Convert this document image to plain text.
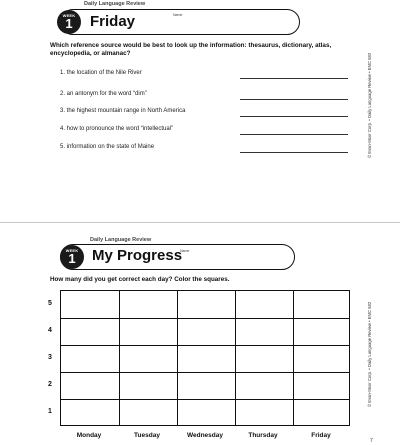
Daily Language Review
WEEK
1	Friday	Name
Which reference source would be best to look up the information: thesaurus, dictionary, atlas, encyclopedia, or almanac?
1. the location of the Nile River
2. an antonym for the word “dim”
3. the highest mountain range in North America
4. how to pronounce the word “intellectual”
5. information on the state of Maine	© Evan-Moor Corp. • Daily Language Review • EMC 582
Daily Language Review
WEEK
1	My Progress
Name
© Evan-Moor Corp. • Daily Language Review • EMC 582
How many did you get correct each day? Color the squares.
5
4
3
2
1
Monday	Tuesday	Wednesday	Thursday	Friday
7
